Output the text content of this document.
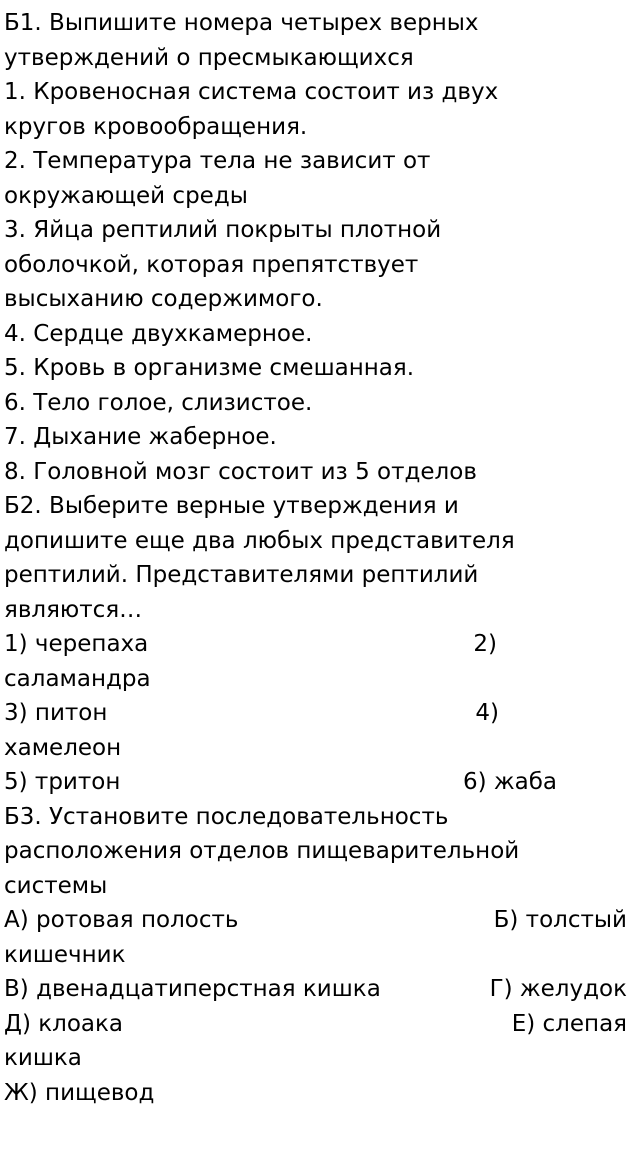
Б1. Выпишите номера четырех верных
утверждений о пресмыкающихся
1. Кровеносная система состоит из двух
кругов кровообращения.
2. Температура тела не зависит от
окружающей среды
3. Яйца рептилий покрыты плотной
оболочкой, которая препятствует
высыханию содержимого.
4. Сердце двухкамерное.
5. Кровь в организме смешанная.
6. Тело голое, слизистое.
7. Дыхание жаберное.
8. Головной мозг состоит из 5 отделов
Б2. Выберите верные утверждения и
допишите еще два любых представителя
рептилий. Представителями рептилий
являются…
1) черепаха	2)
саламандра
3) питон	4)
хамелеон
5) тритон	6) жаба
Б3. Установите последовательность
расположения отделов пищеварительной
системы
А) ротовая полость	Б) толстый
кишечник
В) двенадцатиперстная кишка	Г) желудок
Д) клоака	Е) слепая
кишка
Ж) пищевод
